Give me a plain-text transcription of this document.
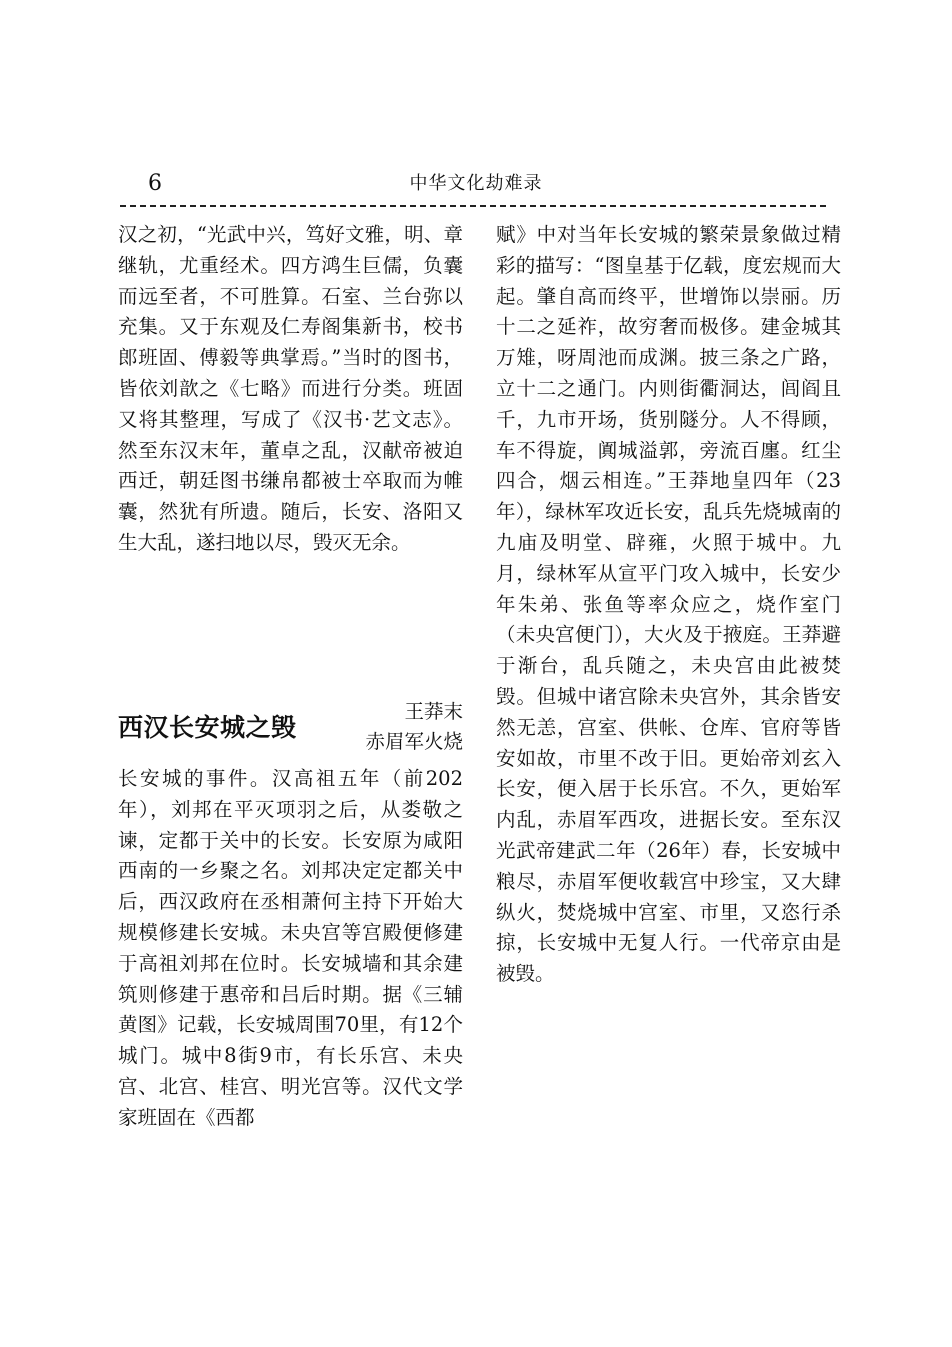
6	中华文化劫难录

汉之初，“光武中兴，笃好文雅，明、章继轨，尤重经术。四方鸿生巨儒，负囊而远至者，不可胜算。石室、兰台弥以充集。又于东观及仁寿阁集新书，校书郎班固、傅毅等典掌焉。”当时的图书，皆依刘歆之《七略》而进行分类。班固又将其整理，写成了《汉书·艺文志》。然至东汉末年，董卓之乱，汉献帝被迫西迁，朝廷图书缣帛都被士卒取而为帷囊，然犹有所遗。随后，长安、洛阳又生大乱，遂扫地以尽，毁灭无余。

西汉长安城之毁
王莽末
赤眉军火烧

长安城的事件。汉高祖五年（前202年），刘邦在平灭项羽之后，从娄敬之谏，定都于关中的长安。长安原为咸阳西南的一乡聚之名。刘邦决定定都关中后，西汉政府在丞相萧何主持下开始大规模修建长安城。未央宫等宫殿便修建于高祖刘邦在位时。长安城墙和其余建筑则修建于惠帝和吕后时期。据《三辅黄图》记载，长安城周围70里，有12个城门。城中8街9市，有长乐宫、未央宫、北宫、桂宫、明光宫等。汉代文学家班固在《西都

赋》中对当年长安城的繁荣景象做过精彩的描写：“图皇基于亿载，度宏规而大起。肇自高而终平，世增饰以崇丽。历十二之延祚，故穷奢而极侈。建金城其万雉，呀周池而成渊。披三条之广路，立十二之通门。内则街衢洞达，闾阎且千，九市开场，货别隧分。人不得顾，车不得旋，阗城溢郭，旁流百廛。红尘四合，烟云相连。”王莽地皇四年（23年），绿林军攻近长安，乱兵先烧城南的九庙及明堂、辟雍，火照于城中。九月，绿林军从宣平门攻入城中，长安少年朱弟、张鱼等率众应之，烧作室门（未央宫便门），大火及于掖庭。王莽避于渐台，乱兵随之，未央宫由此被焚毁。但城中诸宫除未央宫外，其余皆安然无恙，宫室、供帐、仓库、官府等皆安如故，市里不改于旧。更始帝刘玄入长安，便入居于长乐宫。不久，更始军内乱，赤眉军西攻，进据长安。至东汉光武帝建武二年（26年）春，长安城中粮尽，赤眉军便收载宫中珍宝，又大肆纵火，焚烧城中宫室、市里，又恣行杀掠，长安城中无复人行。一代帝京由是被毁。
